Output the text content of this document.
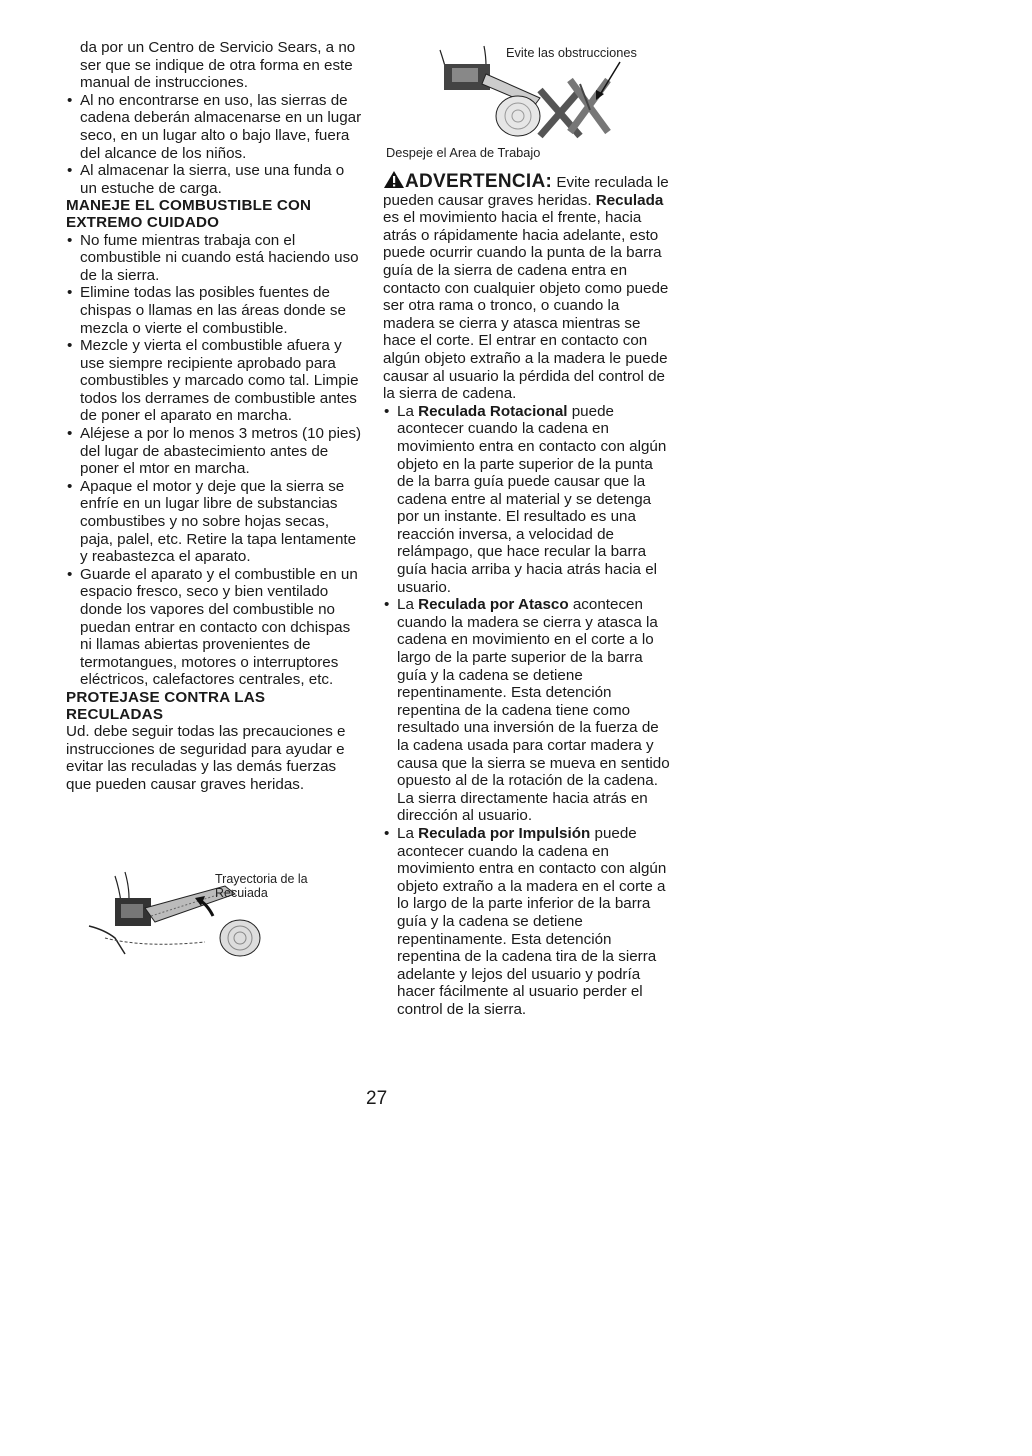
da por un Centro de Servicio Sears, a no ser que se indique de otra forma en este manual de instrucciones.

• Al no encontrarse en uso, las sierras de cadena deberán almacenarse en un lugar seco, en un lugar alto o bajo llave, fuera del alcance de los niños.

• Al almacenar la sierra, use una funda o un estuche de carga.

MANEJE EL COMBUSTIBLE CON EXTREMO CUIDADO

• No fume mientras trabaja con el combustible ni cuando está haciendo uso de la sierra.

• Elimine todas las posibles fuentes de chispas o llamas en las áreas donde se mezcla o vierte el combustible.

• Mezcle y vierta el combustible afuera y use siempre recipiente aprobado para combustibles y marcado como tal. Limpie todos los derrames de combustible antes de poner el aparato en marcha.

• Aléjese a por lo menos 3 metros (10 pies) del lugar de abastecimiento antes de poner el mtor en marcha.

• Apaque el motor y deje que la sierra se enfríe en un lugar libre de substancias combustibes y no sobre hojas secas, paja, palel, etc. Retire la tapa lentamente y reabastezca el aparato.

• Guarde el aparato y el combustible en un espacio fresco, seco y bien ventilado donde los vapores del combustible no puedan entrar en contacto con dchispas ni llamas abiertas provenientes de termotangues, motores o interruptores eléctricos, calefactores centrales, etc.

PROTEJASE CONTRA LAS RECULADAS

Ud. debe seguir todas las precauciones e instrucciones de seguridad para ayudar e evitar las reculadas y las demás fuerzas que pueden causar graves heridas.

Trayectoria de la Recuiada
Evite las obstrucciones
Despeje el Area de Trabajo

ADVERTENCIA: Evite reculada le pueden causar graves heridas. Reculada es el movimiento hacia el frente, hacia atrás o rápidamente hacia adelante, esto puede ocurrir cuando la punta de la barra guía de la sierra de cadena entra en contacto con cualquier objeto como puede ser otra rama o tronco, o cuando la madera se cierra y atasca mientras se hace el corte. El entrar en contacto con algún objeto extraño a la madera le puede causar al usuario la pérdida del control de la sierra de cadena.

• La Reculada Rotacional puede acontecer cuando la cadena en movimiento entra en contacto con algún objeto en la parte superior de la punta de la barra guía puede causar que la cadena entre al material y se detenga por un instante. El resultado es una reacción inversa, a velocidad de relámpago, que hace recular la barra guía hacia arriba y hacia atrás hacia el usuario.

• La Reculada por Atasco acontecen cuando la madera se cierra y atasca la cadena en movimiento en el corte a lo largo de la parte superior de la barra guía y la cadena se detiene repentinamente. Esta detención repentina de la cadena tiene como resultado una inversión de la fuerza de la cadena usada para cortar madera y causa que la sierra se mueva en sentido opuesto al de la rotación de la cadena. La sierra directamente hacia atrás en dirección al usuario.

• La Reculada por Impulsión puede acontecer cuando la cadena en movimiento entra en contacto con algún objeto extraño a la madera en el corte a lo largo de la parte inferior de la barra guía y la cadena se detiene repentinamente. Esta detención repentina de la cadena tira de la sierra adelante y lejos del usuario y podría hacer fácilmente al usuario perder el control de la sierra.

27
